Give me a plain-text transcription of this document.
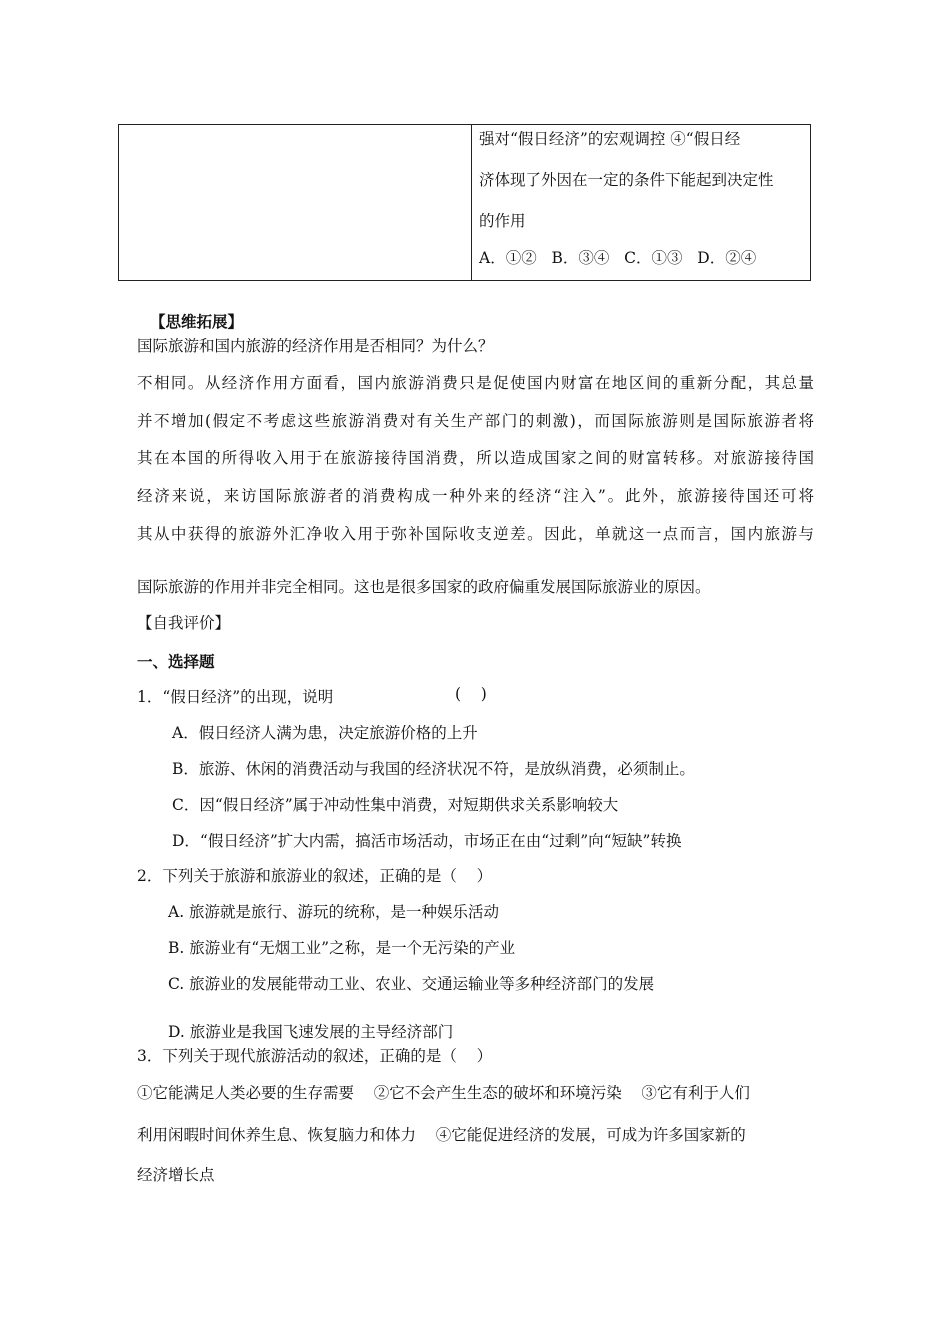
强对“假日经济”的宏观调控 ④“假日经
济体现了外因在一定的条件下能起到决定性
的作用
A．①②   B．③④   C．①③   D．②④
【思维拓展】
国际旅游和国内旅游的经济作用是否相同？为什么？
不相同。从经济作用方面看，国内旅游消费只是促使国内财富在地区间的重新分配，其总量
并不增加(假定不考虑这些旅游消费对有关生产部门的刺激)，而国际旅游则是国际旅游者将
其在本国的所得收入用于在旅游接待国消费，所以造成国家之间的财富转移。对旅游接待国
经济来说，来访国际旅游者的消费构成一种外来的经济“注入”。此外，旅游接待国还可将
其从中获得的旅游外汇净收入用于弥补国际收支逆差。因此，单就这一点而言，国内旅游与
国际旅游的作用并非完全相同。这也是很多国家的政府偏重发展国际旅游业的原因。
【自我评价】
一、选择题
1．“假日经济”的出现，说明	(    )
A．假日经济人满为患，决定旅游价格的上升
B．旅游、休闲的消费活动与我国的经济状况不符，是放纵消费，必须制止。
C．因“假日经济”属于冲动性集中消费，对短期供求关系影响较大
D．“假日经济”扩大内需，搞活市场活动，市场正在由“过剩”向“短缺”转换
2．下列关于旅游和旅游业的叙述，正确的是（    ）
A. 旅游就是旅行、游玩的统称，是一种娱乐活动
B. 旅游业有“无烟工业”之称，是一个无污染的产业
C. 旅游业的发展能带动工业、农业、交通运输业等多种经济部门的发展
D. 旅游业是我国飞速发展的主导经济部门
3．下列关于现代旅游活动的叙述，正确的是（    ）
①它能满足人类必要的生存需要    ②它不会产生生态的破坏和环境污染    ③它有利于人们
利用闲暇时间休养生息、恢复脑力和体力    ④它能促进经济的发展，可成为许多国家新的
经济增长点
